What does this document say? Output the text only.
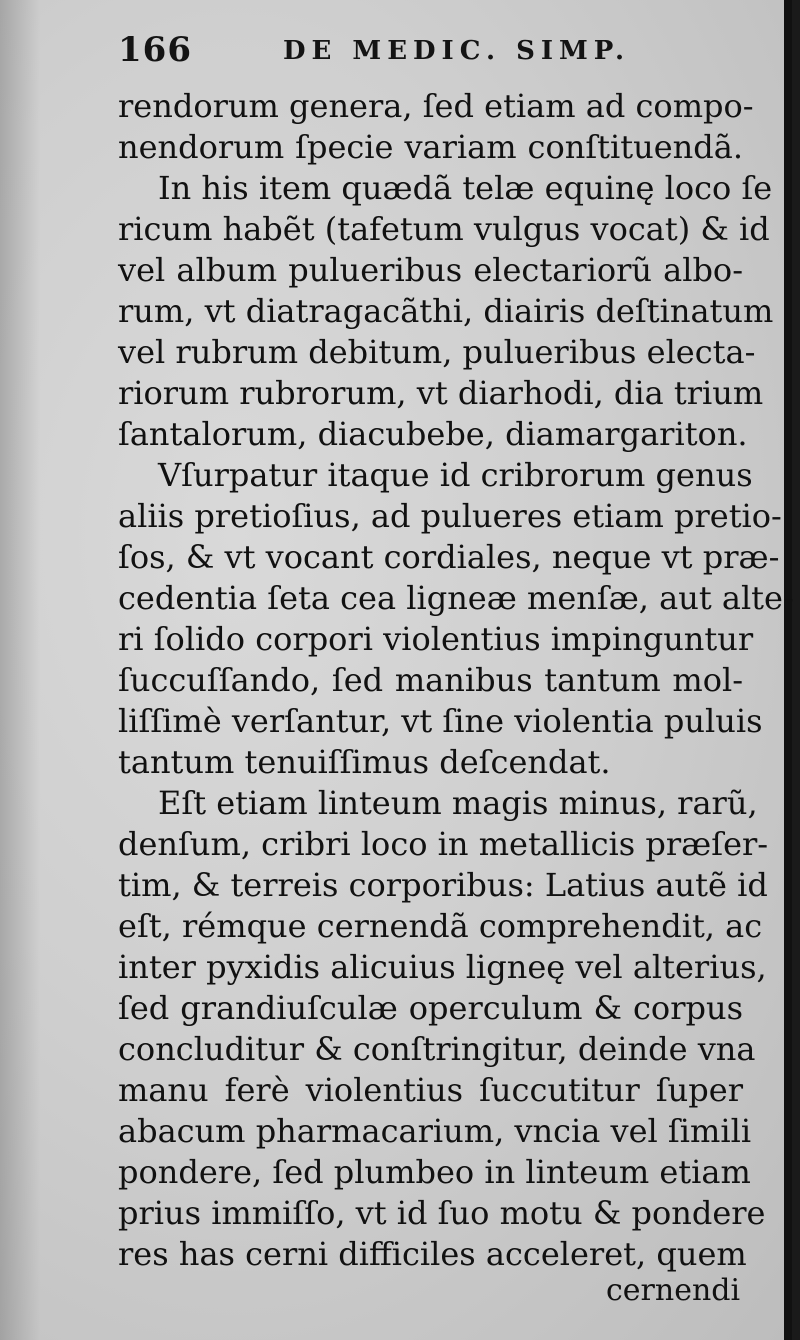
166	DE MEDIC. SIMP.
rendorum genera, ſed etiam ad compo-
nendorum ſpecie variam conſtituendã.
In his item quædã telæ equinę loco ſe
ricum habẽt (tafetum vulgus vocat) & id
vel album pulueribus electariorũ albo-
rum, vt diatragacãthi, diairis deſtinatum
vel rubrum debitum, pulueribus electa-
riorum rubrorum, vt diarhodi, dia trium
ſantalorum, diacubebe, diamargariton.
Vſurpatur itaque id cribrorum genus
aliis pretioſius, ad pulueres etiam pretio-
ſos, & vt vocant cordiales, neque vt præ-
cedentia ſeta cea ligneæ menſæ, aut alte-
ri ſolido corpori violentius impinguntur
ſuccuſſando, ſed manibus tantum mol-
liſſimè verſantur, vt ſine violentia puluis
tantum tenuiſſimus deſcendat.
Eſt etiam linteum magis minus, rarũ,
denſum, cribri loco in metallicis præſer-
tim, & terreis corporibus: Latius autẽ id
eſt, rémque cernendã comprehendit, ac
inter pyxidis alicuius ligneę vel alterius,
ſed grandiuſculæ operculum & corpus
concluditur & conſtringitur, deinde vna
manu ferè violentius ſuccutitur ſuper
abacum pharmacarium, vncia vel ſimili
pondere, ſed plumbeo in linteum etiam
prius immiſſo, vt id ſuo motu & pondere
res has cerni difficiles acceleret, quem
cernendi
